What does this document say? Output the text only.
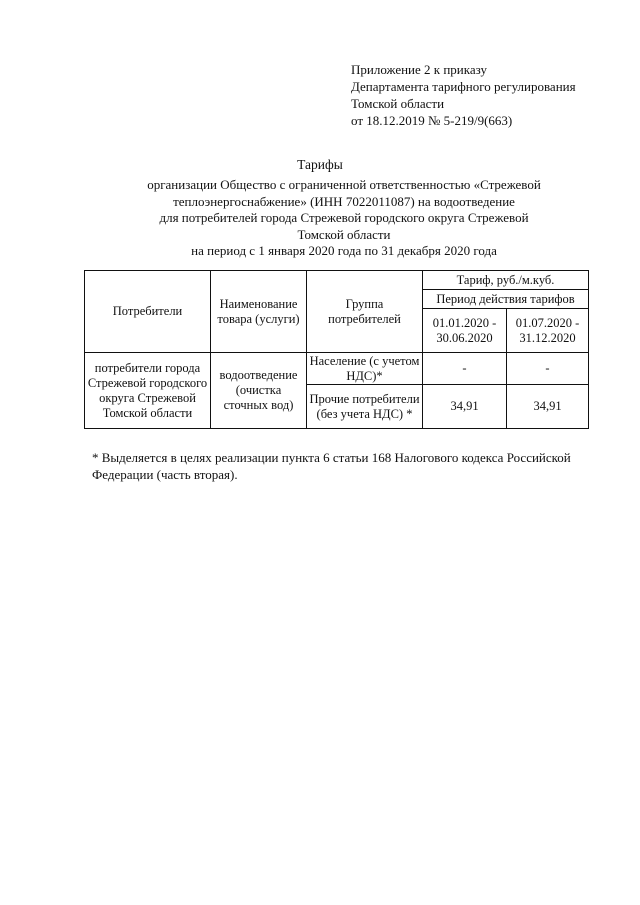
Приложение 2 к приказу
Департамента тарифного регулирования
Томской области
от 18.12.2019 № 5-219/9(663)
Тарифы
организации Общество с ограниченной ответственностью «Стрежевой
теплоэнергоснабжение» (ИНН 7022011087) на водоотведение
для потребителей города Стрежевой городского округа Стрежевой
Томской области
на период с 1 января 2020 года по 31 декабря 2020 года
Потребители	Наименование товара (услуги)	Группа потребителей	Тариф, руб./м.куб.	
			Период действия тарифов	
			01.01.2020 - 30.06.2020	01.07.2020 - 31.12.2020
потребители города Стрежевой городского округа Стрежевой Томской области	водоотведение (очистка сточных вод)	Население (с учетом НДС)*	-	-
		Прочие потребители (без учета НДС) *	34,91	34,91
* Выделяется в целях реализации пункта 6 статьи 168 Налогового кодекса Российской
Федерации (часть вторая).
